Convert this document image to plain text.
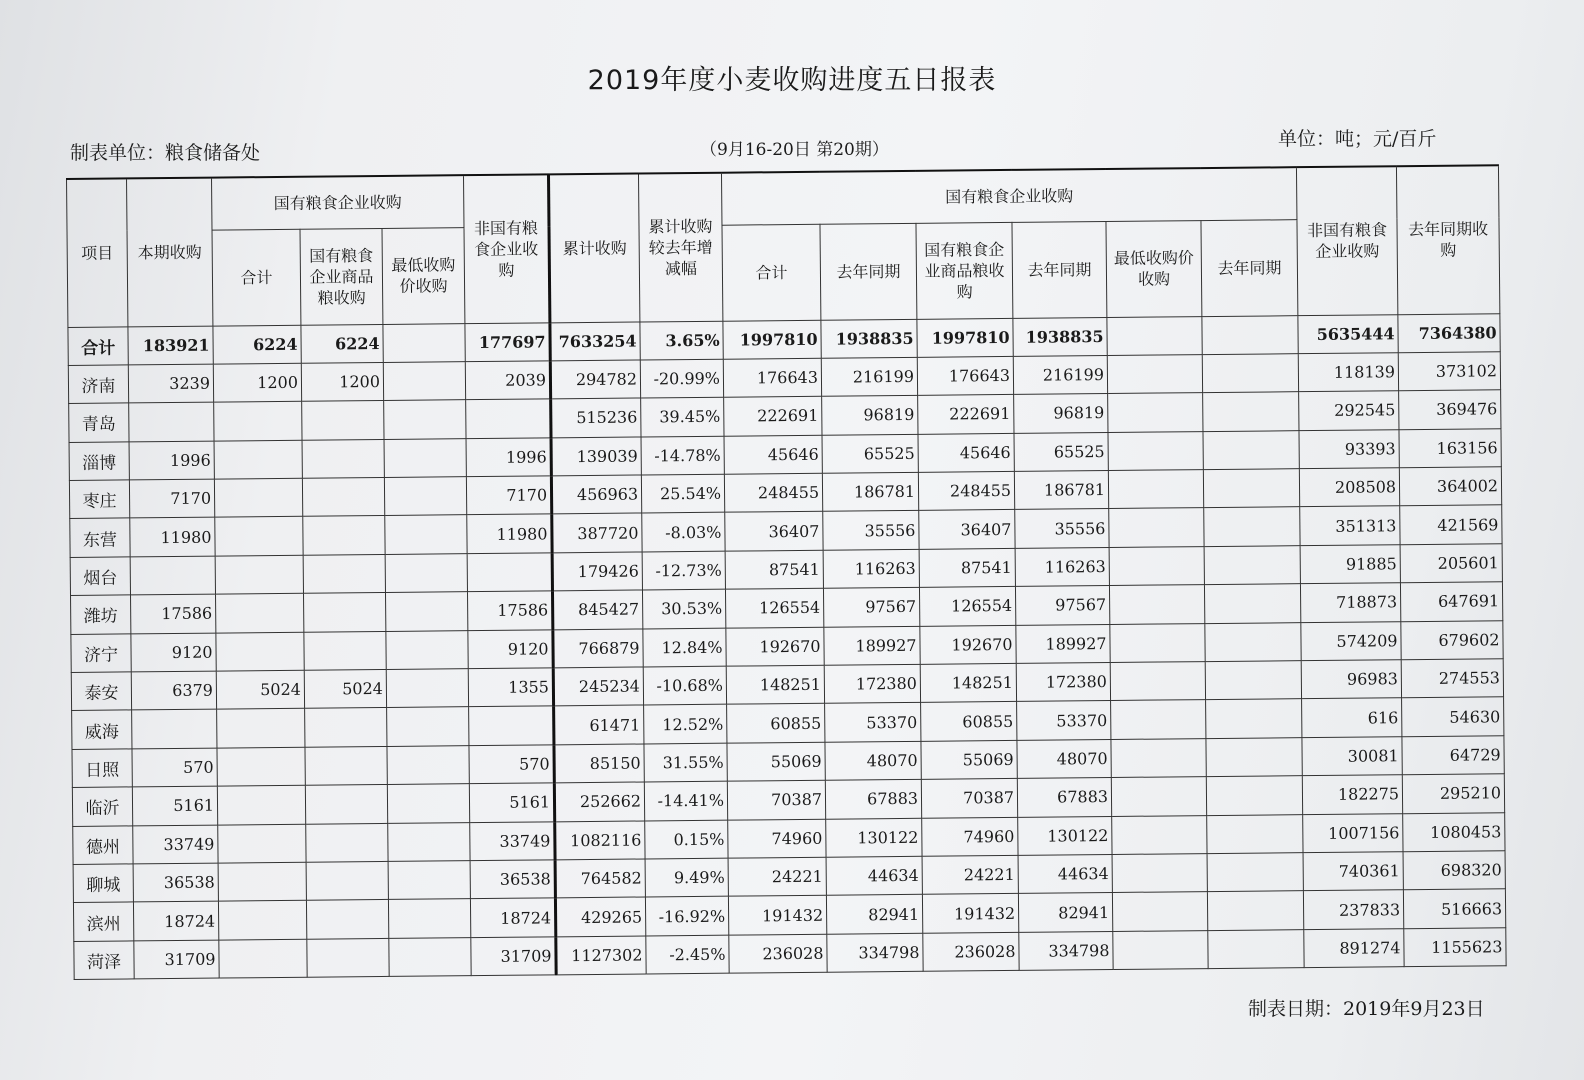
2019年度小麦收购进度五日报表
制表单位：粮食储备处	（9月16-20日 第20期）	单位：吨；元/百斤
项目	本期收购	国有粮食企业收购			非国有粮食企业收购	累计收购	累计收购较去年增减幅	国有粮食企业收购						非国有粮食企业收购	去年同期收购
		合计	国有粮食企业商品粮收购	最低收购价收购				合计	去年同期	国有粮食企业商品粮收购	去年同期	最低收购价收购	去年同期		
合计	183921	6224	6224		177697	7633254	3.65%	1997810	1938835	1997810	1938835			5635444	7364380
济南	3239	1200	1200		2039	294782	-20.99%	176643	216199	176643	216199			118139	373102
青岛						515236	39.45%	222691	96819	222691	96819			292545	369476
淄博	1996				1996	139039	-14.78%	45646	65525	45646	65525			93393	163156
枣庄	7170				7170	456963	25.54%	248455	186781	248455	186781			208508	364002
东营	11980				11980	387720	-8.03%	36407	35556	36407	35556			351313	421569
烟台						179426	-12.73%	87541	116263	87541	116263			91885	205601
潍坊	17586				17586	845427	30.53%	126554	97567	126554	97567			718873	647691
济宁	9120				9120	766879	12.84%	192670	189927	192670	189927			574209	679602
泰安	6379	5024	5024		1355	245234	-10.68%	148251	172380	148251	172380			96983	274553
威海						61471	12.52%	60855	53370	60855	53370			616	54630
日照	570				570	85150	31.55%	55069	48070	55069	48070			30081	64729
临沂	5161				5161	252662	-14.41%	70387	67883	70387	67883			182275	295210
德州	33749				33749	1082116	0.15%	74960	130122	74960	130122			1007156	1080453
聊城	36538				36538	764582	9.49%	24221	44634	24221	44634			740361	698320
滨州	18724				18724	429265	-16.92%	191432	82941	191432	82941			237833	516663
菏泽	31709				31709	1127302	-2.45%	236028	334798	236028	334798			891274	1155623
制表日期：2019年9月23日
